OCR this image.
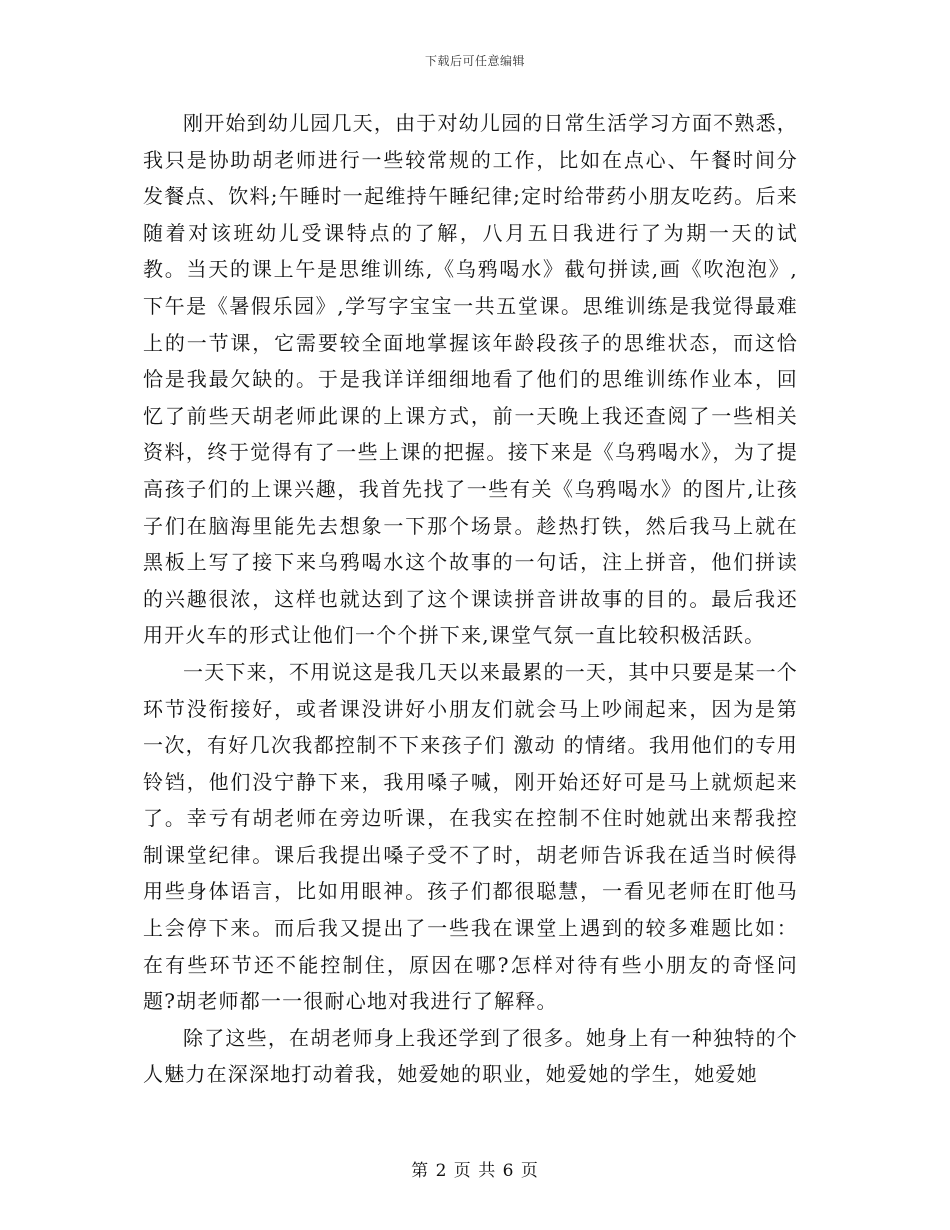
下载后可任意编辑

刚开始到幼儿园几天，由于对幼儿园的日常生活学习方面不熟悉，我只是协助胡老师进行一些较常规的工作，比如在点心、午餐时间分发餐点、饮料;午睡时一起维持午睡纪律;定时给带药小朋友吃药。后来随着对该班幼儿受课特点的了解，八月五日我进行了为期一天的试教。当天的课上午是思维训练,《乌鸦喝水》截句拼读,画《吹泡泡》,下午是《暑假乐园》,学写字宝宝一共五堂课。思维训练是我觉得最难上的一节课，它需要较全面地掌握该年龄段孩子的思维状态，而这恰恰是我最欠缺的。于是我详详细细地看了他们的思维训练作业本，回忆了前些天胡老师此课的上课方式，前一天晚上我还查阅了一些相关资料，终于觉得有了一些上课的把握。接下来是《乌鸦喝水》，为了提高孩子们的上课兴趣，我首先找了一些有关《乌鸦喝水》的图片,让孩子们在脑海里能先去想象一下那个场景。趁热打铁，然后我马上就在黑板上写了接下来乌鸦喝水这个故事的一句话，注上拼音，他们拼读的兴趣很浓，这样也就达到了这个课读拼音讲故事的目的。最后我还用开火车的形式让他们一个个拼下来,课堂气氛一直比较积极活跃。

一天下来，不用说这是我几天以来最累的一天，其中只要是某一个环节没衔接好，或者课没讲好小朋友们就会马上吵闹起来，因为是第一次，有好几次我都控制不下来孩子们 激动 的情绪。我用他们的专用铃铛，他们没宁静下来，我用嗓子喊，刚开始还好可是马上就烦起来了。幸亏有胡老师在旁边听课，在我实在控制不住时她就出来帮我控制课堂纪律。课后我提出嗓子受不了时，胡老师告诉我在适当时候得用些身体语言，比如用眼神。孩子们都很聪慧，一看见老师在盯他马上会停下来。而后我又提出了一些我在课堂上遇到的较多难题比如：在有些环节还不能控制住，原因在哪?怎样对待有些小朋友的奇怪问题?胡老师都一一很耐心地对我进行了解释。

除了这些，在胡老师身上我还学到了很多。她身上有一种独特的个人魅力在深深地打动着我，她爱她的职业，她爱她的学生，她爱她

第 2 页 共 6 页
